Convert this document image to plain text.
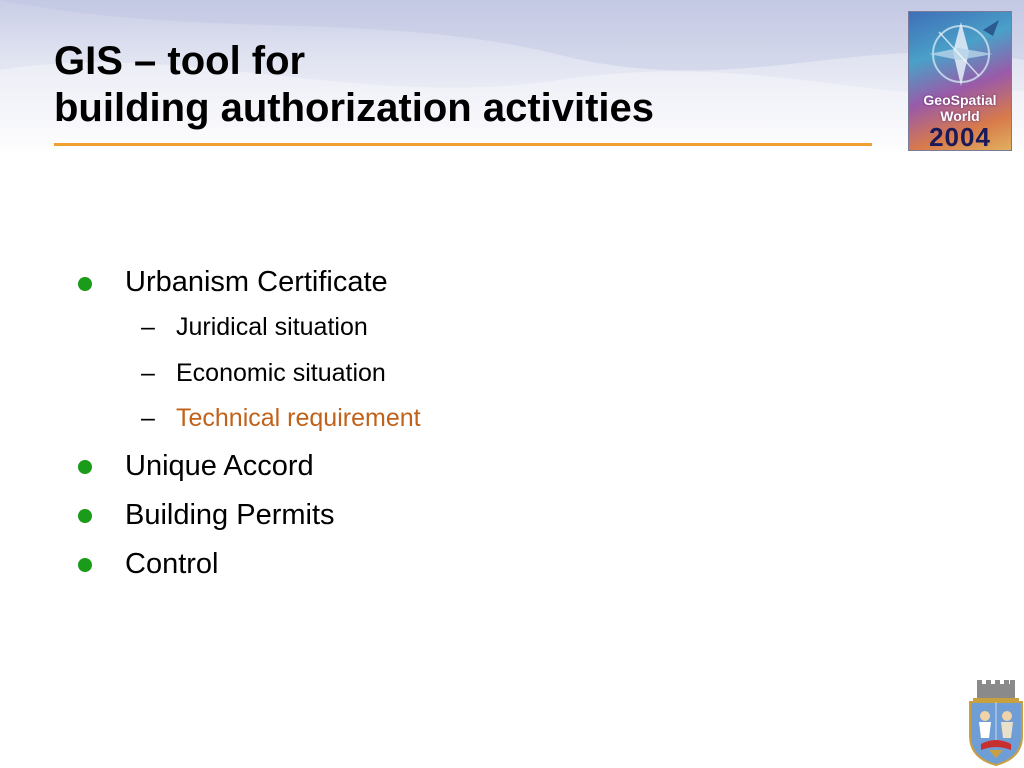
GIS – tool for
building authorization activities	GeoSpatial
World
2004
Urbanism Certificate
– Juridical situation
– Economic situation
– Technical requirement
Unique Accord
Building Permits
Control
